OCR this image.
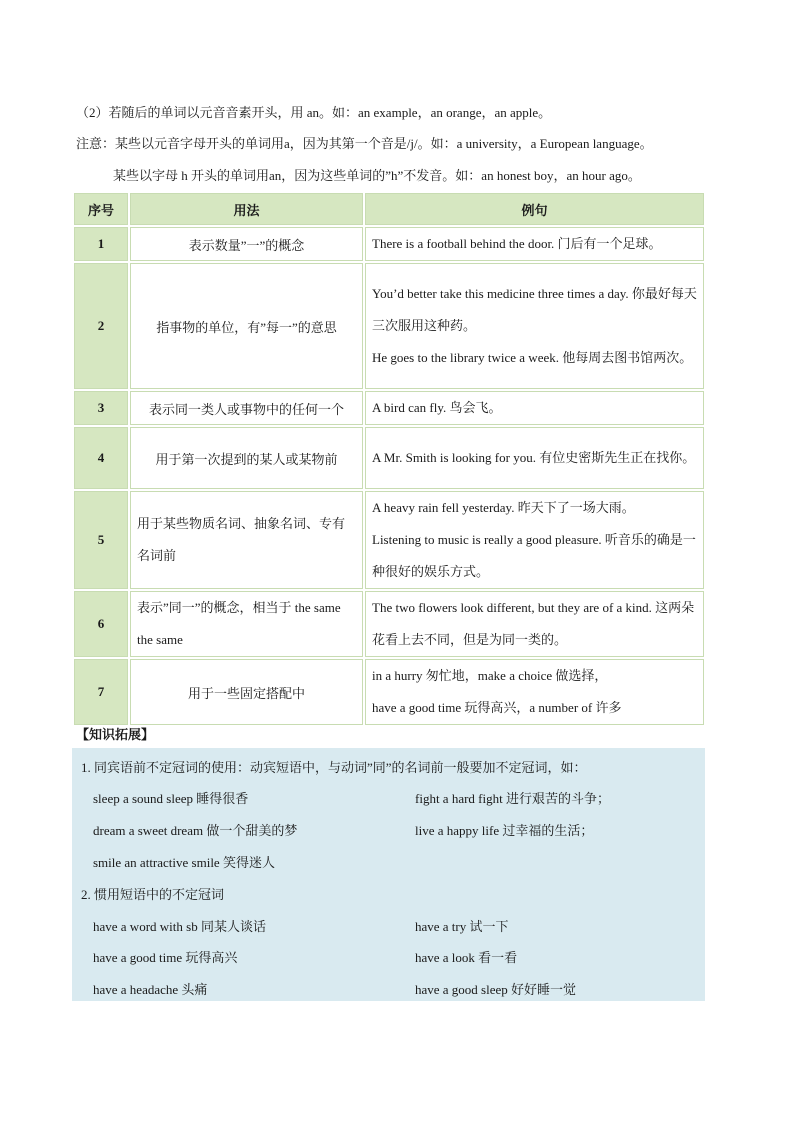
（2）若随后的单词以元音音素开头，用 an。如：an example，an orange，an apple。
注意：某些以元音字母开头的单词用a，因为其第一个音是/j/。如：a university，a European language。
某些以字母 h 开头的单词用an，因为这些单词的”h”不发音。如：an honest boy，an hour ago。
序号	用法	例句
1	表示数量”一”的概念	There is a football behind the door. 门后有一个足球。

2	指事物的单位，有”每一”的意思	You’d better take this medicine three times a day. 你最好每天三次服用这种药。
He goes to the library twice a week. 他每周去图书馆两次。

3	表示同一类人或事物中的任何一个	A bird can fly. 鸟会飞。

4	用于第一次提到的某人或某物前	A Mr. Smith is looking for you. 有位史密斯先生正在找你。

5	用于某些物质名词、抽象名词、专有名词前	A heavy rain fell yesterday. 昨天下了一场大雨。
Listening to music is really a good pleasure. 听音乐的确是一种很好的娱乐方式。

6	表示”同一”的概念，相当于 the same the same	The two flowers look different, but they are of a kind. 这两朵花看上去不同，但是为同一类的。

7	用于一些固定搭配中	in a hurry 匆忙地，make a choice 做选择，
have a good time 玩得高兴，a number of 许多
【知识拓展】
1. 同宾语前不定冠词的使用：动宾短语中，与动词”同”的名词前一般要加不定冠词，如：
sleep a sound sleep 睡得很香	fight a hard fight 进行艰苦的斗争；
dream a sweet dream 做一个甜美的梦	live a happy life 过幸福的生活；
smile an attractive smile 笑得迷人
2. 惯用短语中的不定冠词
have a word with sb 同某人谈话	have a try 试一下
have a good time 玩得高兴	have a look 看一看
have a headache 头痛	have a good sleep 好好睡一觉
